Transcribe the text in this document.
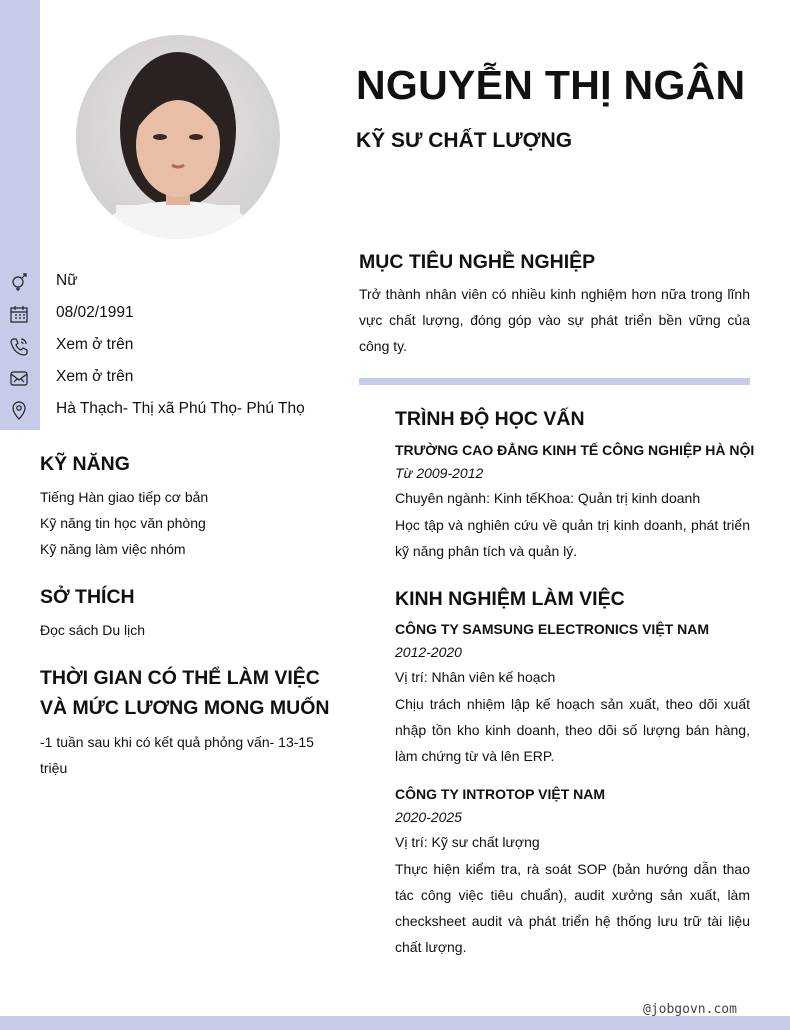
NGUYỄN THỊ NGÂN
KỸ SƯ CHẤT LƯỢNG
Nữ
08/02/1991
Xem ở trên
Xem ở trên
Hà Thạch- Thị xã Phú Thọ- Phú Thọ
KỸ NĂNG
Tiếng Hàn giao tiếp cơ bản
Kỹ năng tin học văn phòng
Kỹ năng làm việc nhóm
SỞ THÍCH
Đọc sách Du lịch
THỜI GIAN CÓ THỂ LÀM VIỆC
VÀ MỨC LƯƠNG MONG MUỐN
-1 tuần sau khi có kết quả phỏng vấn- 13-15 triệu
MỤC TIÊU NGHỀ NGHIỆP
Trở thành nhân viên có nhiều kinh nghiệm hơn nữa trong lĩnh vực chất lượng, đóng góp vào sự phát triển bền vững của công ty.
TRÌNH ĐỘ HỌC VẤN
TRƯỜNG CAO ĐẲNG KINH TẾ CÔNG NGHIỆP HÀ NỘI
Từ 2009-2012
Chuyên ngành: Kinh tếKhoa: Quản trị kinh doanh
Học tập và nghiên cứu về quản trị kinh doanh, phát triển kỹ năng phân tích và quản lý.
KINH NGHIỆM LÀM VIỆC
CÔNG TY SAMSUNG ELECTRONICS VIỆT NAM
2012-2020
Vị trí: Nhân viên kế hoạch
Chịu trách nhiệm lập kế hoạch sản xuất, theo dõi xuất nhập tồn kho kinh doanh, theo dõi số lượng bán hàng, làm chứng từ và lên ERP.
CÔNG TY INTROTOP VIỆT NAM
2020-2025
Vị trí: Kỹ sư chất lượng
Thực hiện kiểm tra, rà soát SOP (bản hướng dẫn thao tác công việc tiêu chuẩn), audit xưởng sản xuất, làm checksheet audit và phát triển hệ thống lưu trữ tài liệu chất lượng.
@jobgovn.com
